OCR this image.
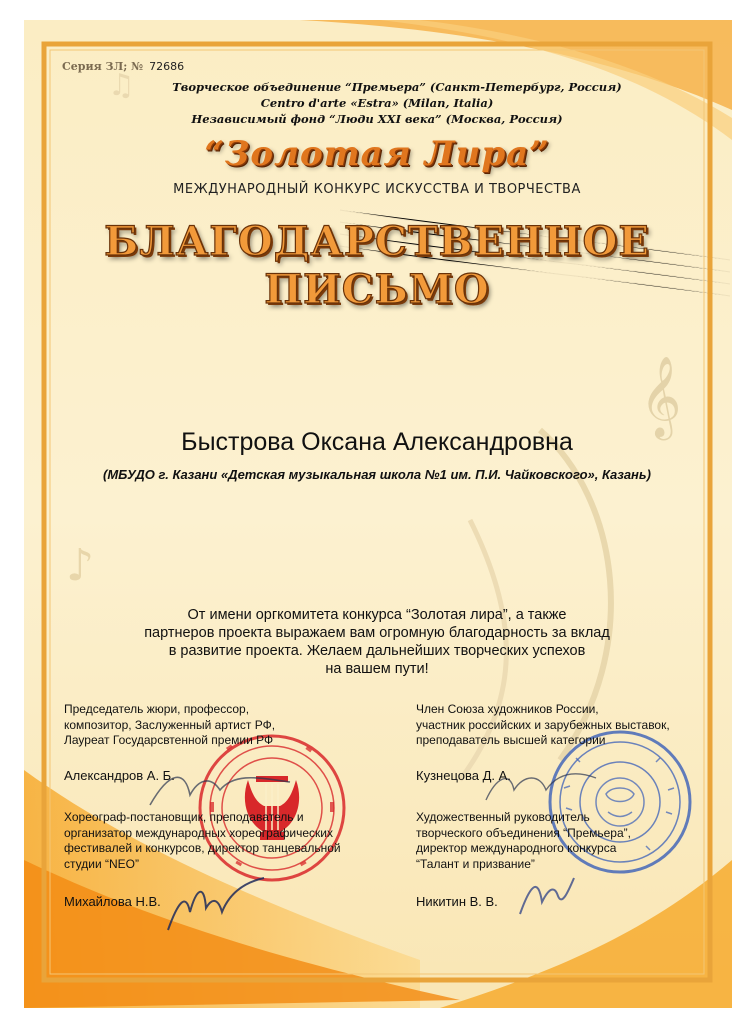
𝄞
♪
♫
Серия ЗЛ; № 72686
Творческое объединение “Премьера” (Санкт-Петербург, Россия)
Centro d'arte «Estra» (Milan, Italia)
Независимый фонд “Люди XXI века” (Москва, Россия)
“Золотая Лира”
МЕЖДУНАРОДНЫЙ КОНКУРС ИСКУССТВА И ТВОРЧЕСТВА
БЛАГОДАРСТВЕННОЕ
ПИСЬМО
Быстрова Оксана Александровна
(МБУДО г. Казани «Детская музыкальная школа №1 им. П.И. Чайковского», Казань)
От имени оргкомитета конкурса “Золотая лира”, а также
партнеров проекта выражаем вам огромную благодарность за вклад
в развитие проекта. Желаем дальнейших творческих успехов
на вашем пути!
Председатель жюри, профессор,
композитор, Заслуженный артист РФ,
Лауреат Государсвтенной премии РФ
Александров А. Б.
Хореограф-постановщик, преподаватель и
организатор международных хореографических
фестивалей и конкурсов, директор танцевальной
студии “NEO”
Михайлова Н.В.
Член Союза художников России,
участник российских и зарубежных выставок,
преподаватель высшей категории
Кузнецова Д. А.
Художественный руководитель
творческого объединения “Премьера”,
директор международного конкурса
“Талант и призвание”
Никитин В. В.
